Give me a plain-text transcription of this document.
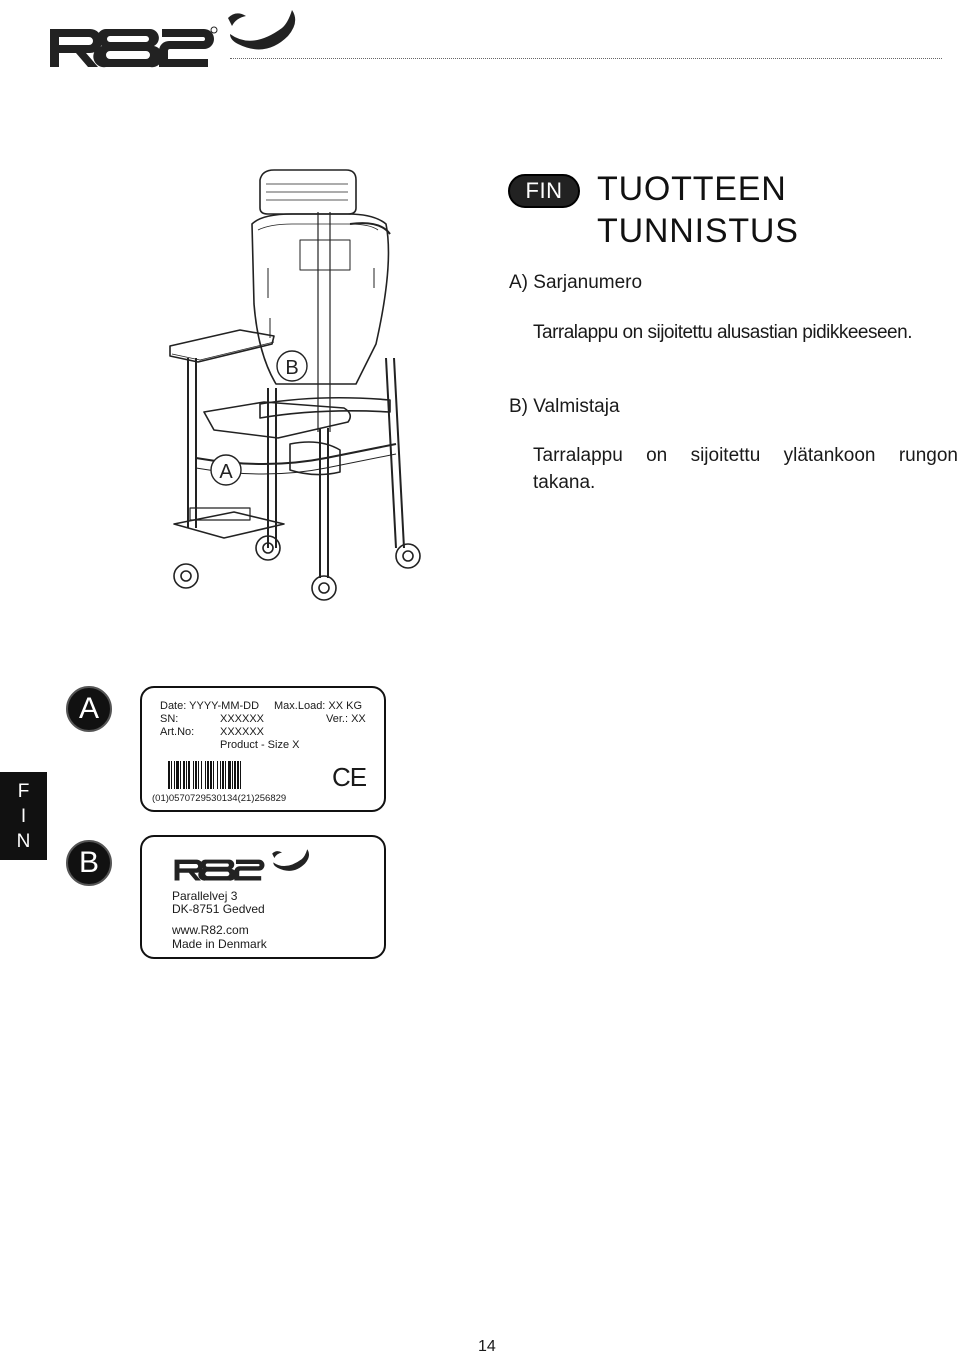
FIN TUOTTEEN
TUNNISTUS
A) Sarjanumero
Tarralappu on sijoitettu alusastian pidikkeeseen.
B) Valmistaja
Tarralappu on sijoitettu ylätankoon rungon
takana.
B
A
F
I
N
A	Date: YYYY-MM-DD Max.Load: XX KG
SN:	XXXXXX	Ver.: XX
Art.No: XXXXXX
Product - Size X
(01)0570729530134(21)256829
CE
B
Parallelvej 3
DK-8751 Gedved
www.R82.com
Made in Denmark
14
